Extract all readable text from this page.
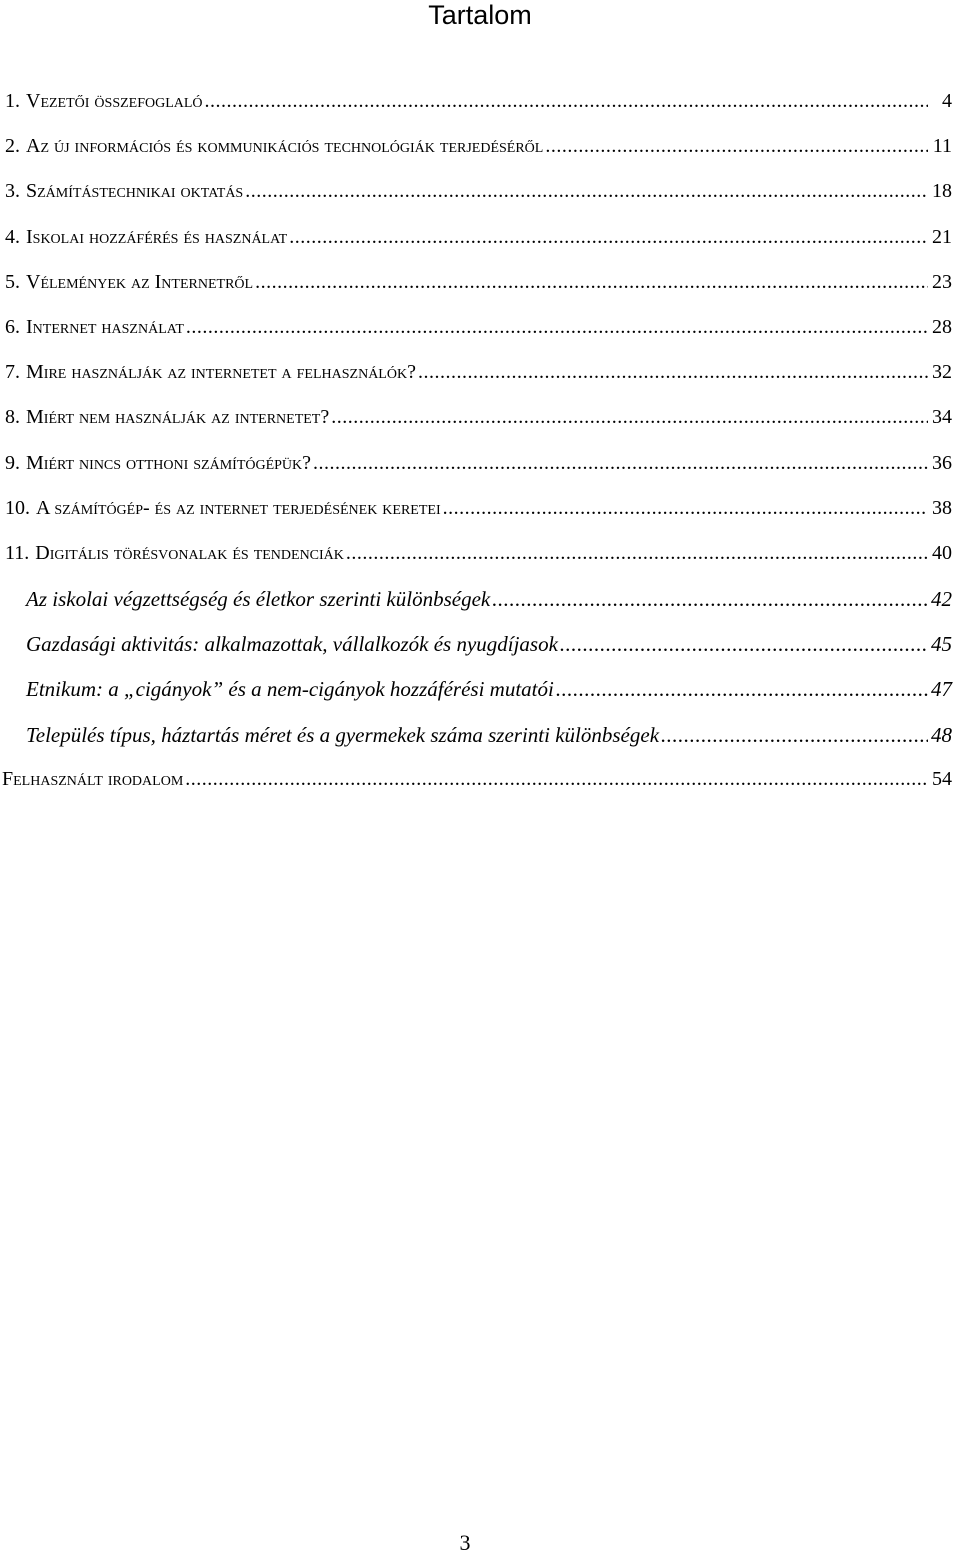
Tartalom
1. Vezetői összefoglaló .....	4
2. Az új információs és kommunikációs technológiák terjedéséről .....	11
3. Számítástechnikai oktatás .....	18
4. Iskolai hozzáférés és használat .....	21
5. Vélemények az Internetről .....	23
6. Internet használat .....	28
7. Mire használják az internetet a felhasználók? .....	32
8. Miért nem használják az internetet? .....	34
9. Miért nincs otthoni számítógépük? .....	36
10. A számítógép- és az internet terjedésének keretei .....	38
11. Digitális törésvonalak és tendenciák .....	40
Az iskolai végzettségség és életkor szerinti különbségek .....	42
Gazdasági aktivitás: alkalmazottak, vállalkozók és nyugdíjasok .....	45
Etnikum: a „cigányok” és a nem-cigányok hozzáférési mutatói .....	47
Település típus, háztartás méret és a gyermekek száma szerinti különbségek .....	48
Felhasznált irodalom .....	54
3
